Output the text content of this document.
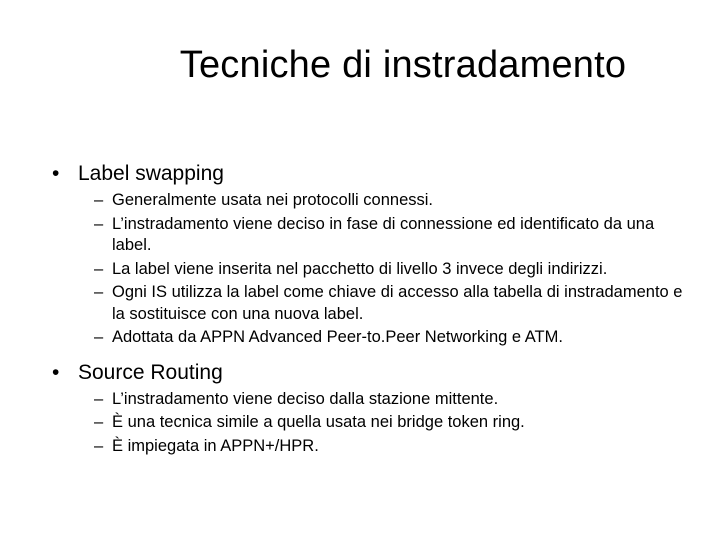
Tecniche di instradamento
• Label swapping
– Generalmente usata nei protocolli connessi.
– L’instradamento viene deciso in fase di connessione ed identificato da una label.
– La label viene inserita nel pacchetto di livello 3 invece degli indirizzi.
– Ogni IS utilizza la label come chiave di accesso alla tabella di instradamento e la sostituisce con una nuova label.
– Adottata da APPN Advanced Peer-to.Peer Networking e ATM.
• Source Routing
– L’instradamento viene deciso dalla stazione mittente.
– È una tecnica simile a quella usata nei bridge token ring.
– È impiegata in APPN+/HPR.
